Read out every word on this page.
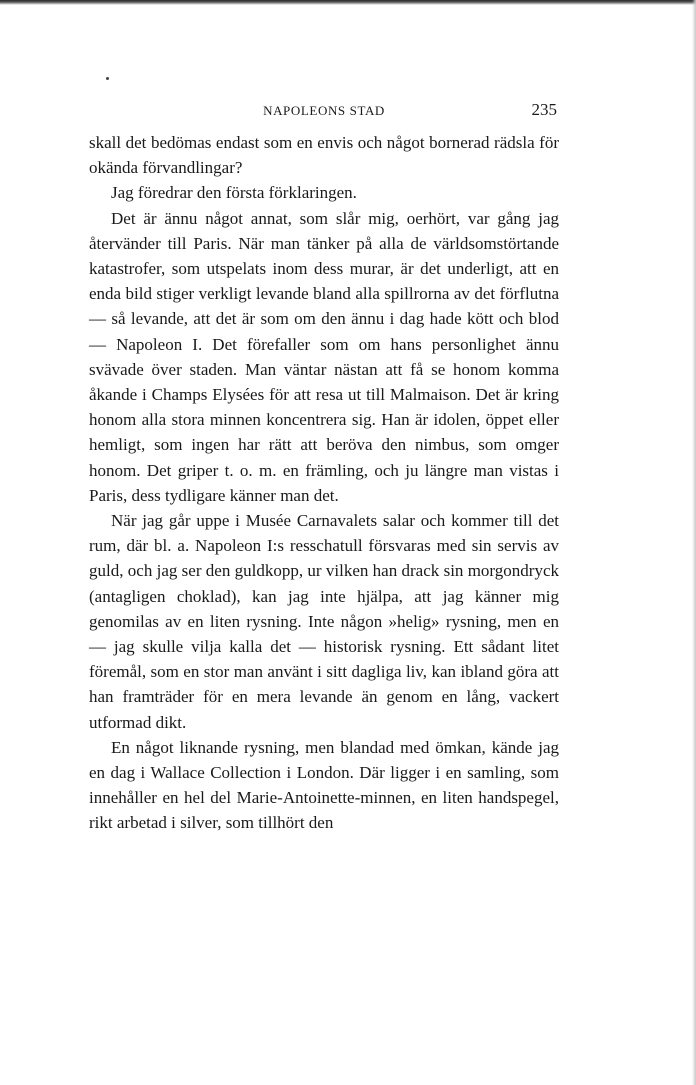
NAPOLEONS STAD	235

skall det bedömas endast som en envis och något bornerad rädsla för okända förvandlingar?

Jag föredrar den första förklaringen.

Det är ännu något annat, som slår mig, oerhört, var gång jag återvänder till Paris. När man tänker på alla de världsomstörtande katastrofer, som utspelats inom dess murar, är det underligt, att en enda bild stiger verkligt levande bland alla spillrorna av det förflutna — så levande, att det är som om den ännu i dag hade kött och blod — Napoleon I. Det förefaller som om hans personlighet ännu svävade över staden. Man väntar nästan att få se honom komma åkande i Champs Elysées för att resa ut till Malmaison. Det är kring honom alla stora minnen koncentrera sig. Han är idolen, öppet eller hemligt, som ingen har rätt att beröva den nimbus, som omger honom. Det griper t. o. m. en främling, och ju längre man vistas i Paris, dess tydligare känner man det.

När jag går uppe i Musée Carnavalets salar och kommer till det rum, där bl. a. Napoleon I:s resschatull försvaras med sin servis av guld, och jag ser den guldkopp, ur vilken han drack sin morgondryck (antagligen choklad), kan jag inte hjälpa, att jag känner mig genomilas av en liten rysning. Inte någon »helig» rysning, men en — jag skulle vilja kalla det — historisk rysning. Ett sådant litet föremål, som en stor man använt i sitt dagliga liv, kan ibland göra att han framträder för en mera levande än genom en lång, vackert utformad dikt.

En något liknande rysning, men blandad med ömkan, kände jag en dag i Wallace Collection i London. Där ligger i en samling, som innehåller en hel del Marie-Antoinette-minnen, en liten handspegel, rikt arbetad i silver, som tillhört den
